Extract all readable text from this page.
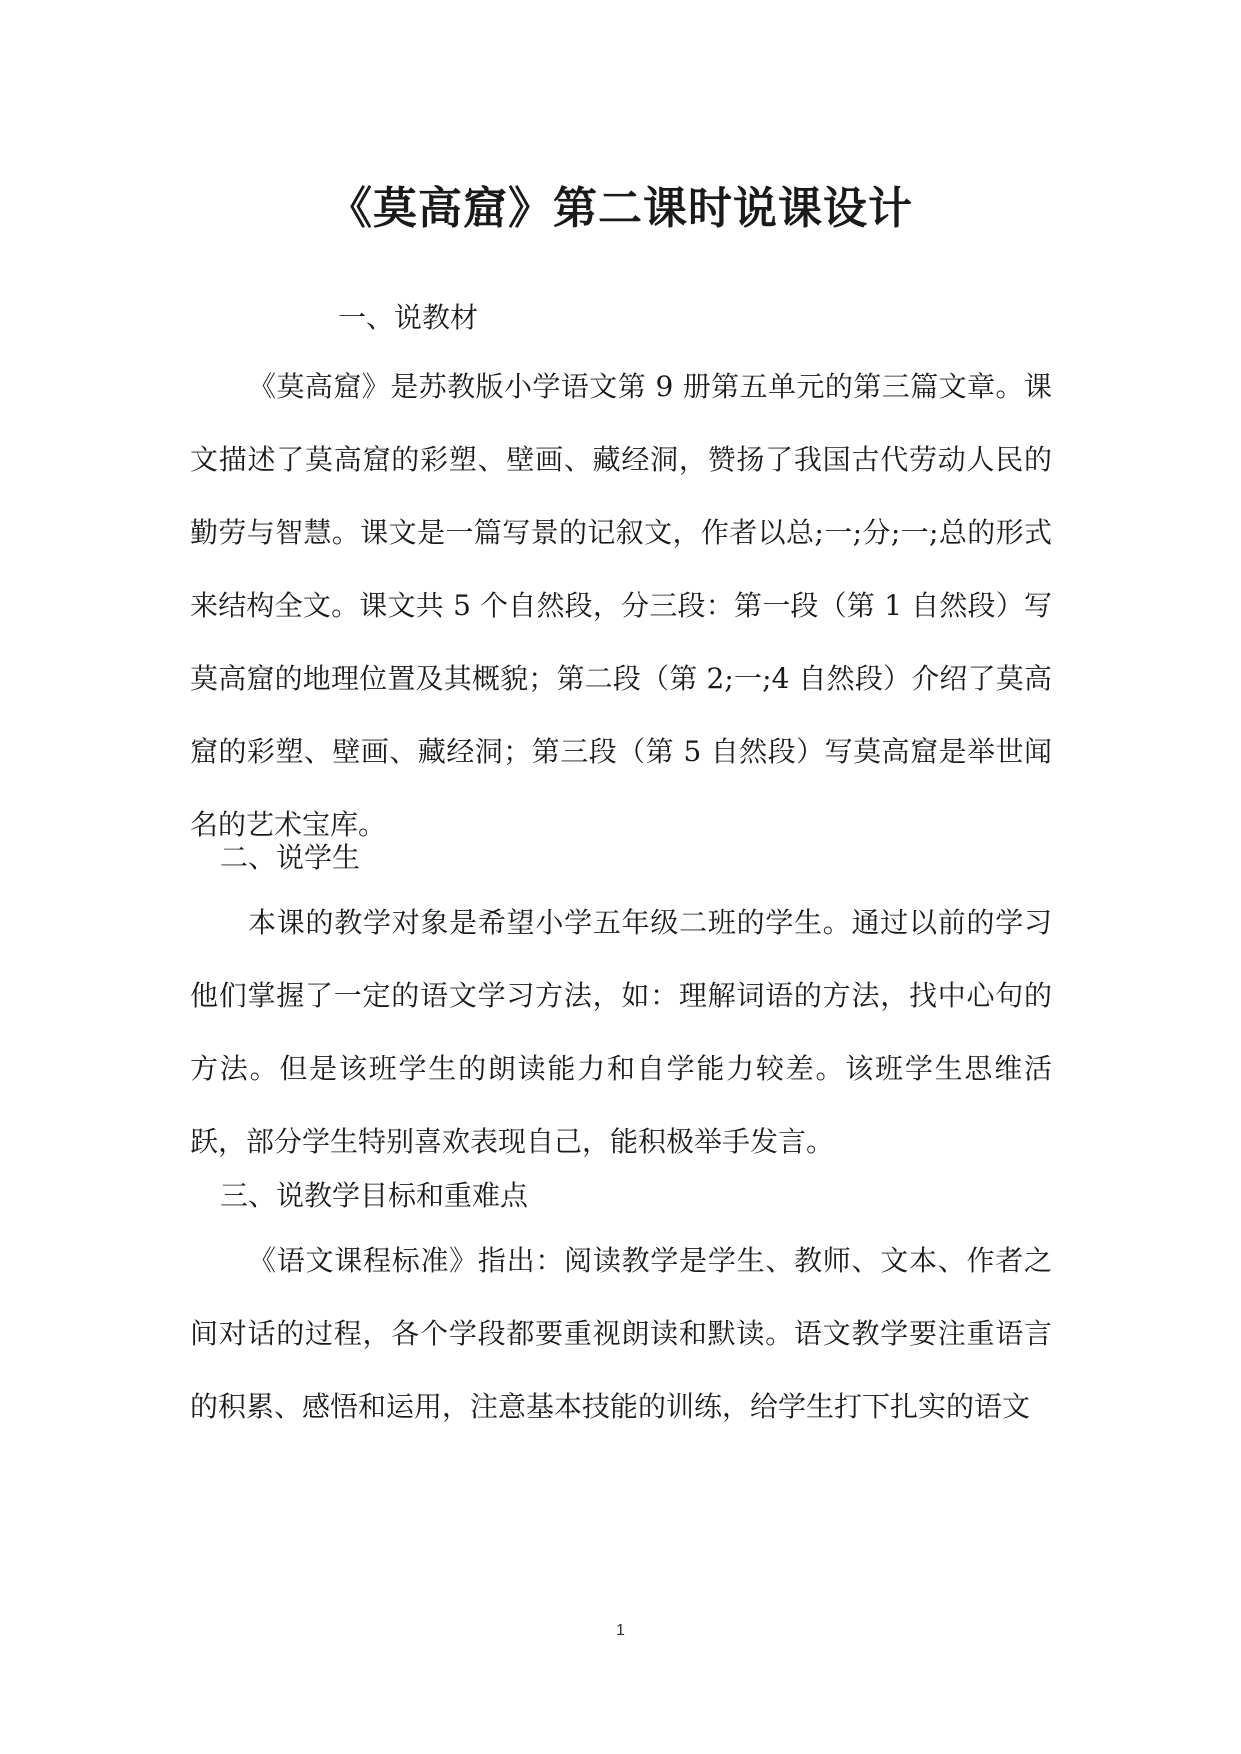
《莫高窟》第二课时说课设计
一、说教材

《莫高窟》是苏教版小学语文第 9 册第五单元的第三篇文章。课文描述了莫高窟的彩塑、壁画、藏经洞，赞扬了我国古代劳动人民的勤劳与智慧。课文是一篇写景的记叙文，作者以总;一;分;一;总的形式来结构全文。课文共 5 个自然段，分三段：第一段（第 1 自然段）写莫高窟的地理位置及其概貌；第二段（第 2;一;4 自然段）介绍了莫高窟的彩塑、壁画、藏经洞；第三段（第 5 自然段）写莫高窟是举世闻名的艺术宝库。

二、说学生

本课的教学对象是希望小学五年级二班的学生。通过以前的学习他们掌握了一定的语文学习方法，如：理解词语的方法，找中心句的方法。但是该班学生的朗读能力和自学能力较差。该班学生思维活跃，部分学生特别喜欢表现自己，能积极举手发言。

三、说教学目标和重难点

《语文课程标准》指出：阅读教学是学生、教师、文本、作者之间对话的过程，各个学段都要重视朗读和默读。语文教学要注重语言的积累、感悟和运用，注意基本技能的训练，给学生打下扎实的语文

1
